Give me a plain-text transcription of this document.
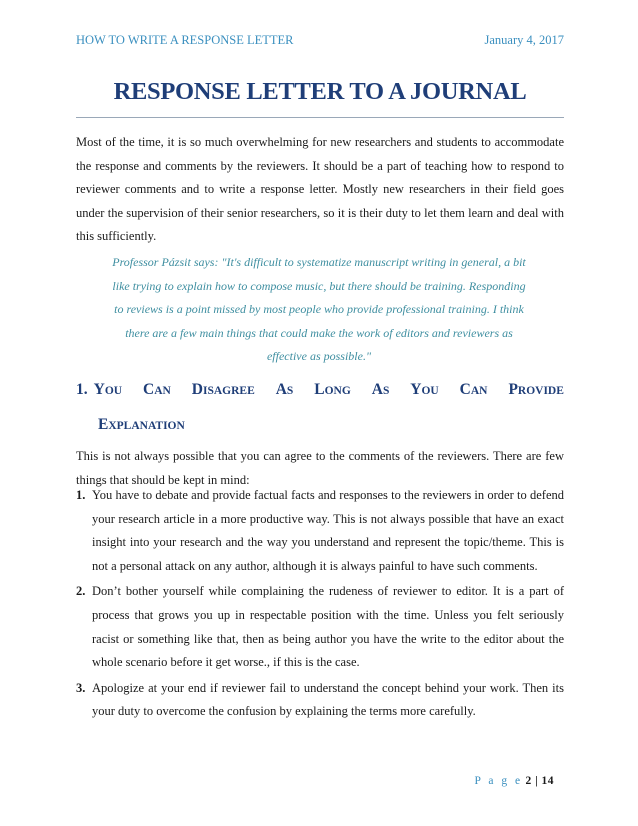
HOW TO WRITE A RESPONSE LETTER	January 4, 2017
RESPONSE LETTER TO A JOURNAL

Most of the time, it is so much overwhelming for new researchers and students to accommodate the response and comments by the reviewers. It should be a part of teaching how to respond to reviewer comments and to write a response letter. Mostly new researchers in their field goes under the supervision of their senior researchers, so it is their duty to let them learn and deal with this sufficiently.

Professor Pázsit says: "It's difficult to systematize manuscript writing in general, a bit like trying to explain how to compose music, but there should be training. Responding to reviews is a point missed by most people who provide professional training. I think there are a few main things that could make the work of editors and reviewers as effective as possible."

1. YOU CAN DISAGREE AS LONG AS YOU CAN PROVIDE
EXPLANATION

This is not always possible that you can agree to the comments of the reviewers. There are few things that should be kept in mind:

1. You have to debate and provide factual facts and responses to the reviewers in order to defend your research article in a more productive way. This is not always possible that have an exact insight into your research and the way you understand and represent the topic/theme. This is not a personal attack on any author, although it is always painful to have such comments.
2. Don’t bother yourself while complaining the rudeness of reviewer to editor. It is a part of process that grows you up in respectable position with the time. Unless you felt seriously racist or something like that, then as being author you have the write to the editor about the whole scenario before it get worse., if this is the case.
3. Apologize at your end if reviewer fail to understand the concept behind your work. Then its your duty to overcome the confusion by explaining the terms more carefully.
P a g e 2 | 14
